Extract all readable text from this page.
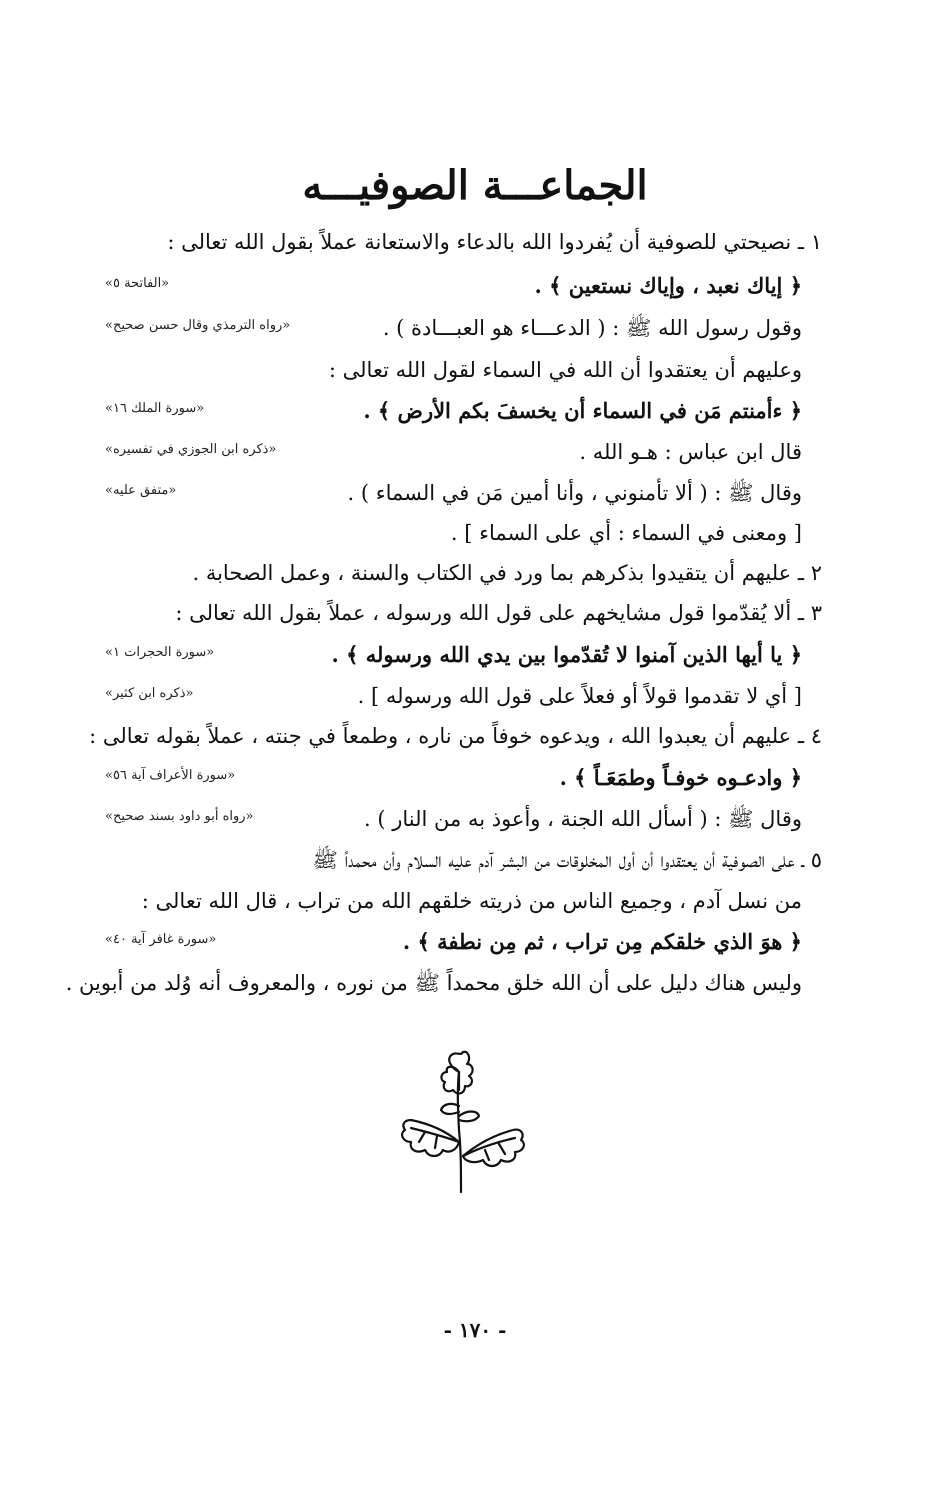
الجماعـــة الصوفيـــه
١ ـ نصيحتي للصوفية أن يُفردوا الله بالدعاء والاستعانة عملاً بقول الله تعالى :
﴿ إياك نعبد ، وإياك نستعين ﴾ .
«الفاتحة ٥»
وقول رسول الله ﷺ : ( الدعـــاء هو العبـــادة ) .
«رواه الترمذي وقال حسن صحيح»
وعليهم أن يعتقدوا أن الله في السماء لقول الله تعالى :
﴿ ءأمنتم مَن في السماء أن يخسفَ بكم الأرض ﴾ .
«سورة الملك ١٦»
قال ابن عباس : هـو الله .
«ذكره ابن الجوزي في تفسيره»
وقال ﷺ : ( ألا تأمنوني ، وأنا أمين مَن في السماء ) .
«متفق عليه»
[ ومعنى في السماء : أي على السماء ] .
٢ ـ عليهم أن يتقيدوا بذكرهم بما ورد في الكتاب والسنة ، وعمل الصحابة .
٣ ـ ألا يُقدّموا قول مشايخهم على قول الله ورسوله ، عملاً بقول الله تعالى :
﴿ يا أيها الذين آمنوا لا تُقدّموا بين يدي الله ورسوله ﴾ .
«سورة الحجرات ١»
[ أي لا تقدموا قولاً أو فعلاً على قول الله ورسوله ] .
«ذكره ابن كثير»
٤ ـ عليهم أن يعبدوا الله ، ويدعوه خوفاً من ناره ، وطمعاً في جنته ، عملاً بقوله تعالى :
﴿ وادعـوه خوفـاً وطمَعَـاً ﴾ .
«سورة الأعراف آية ٥٦»
وقال ﷺ : ( أسأل الله الجنة ، وأعوذ به من النار ) .
«رواه أبو داود بسند صحيح»
٥ ـ على الصوفية أن يعتقدوا أن أول المخلوقات من البشر آدم عليه السلام وأن محمداً ﷺ
من نسل آدم ، وجميع الناس من ذريته خلقهم الله من تراب ، قال الله تعالى :
﴿ هوَ الذي خلقكم مِن تراب ، ثم مِن نطفة ﴾ .
«سورة غافر آية ٤٠»
وليس هناك دليل على أن الله خلق محمداً ﷺ من نوره ، والمعروف أنه وُلد من أبوين .
- ١٧٠ -
